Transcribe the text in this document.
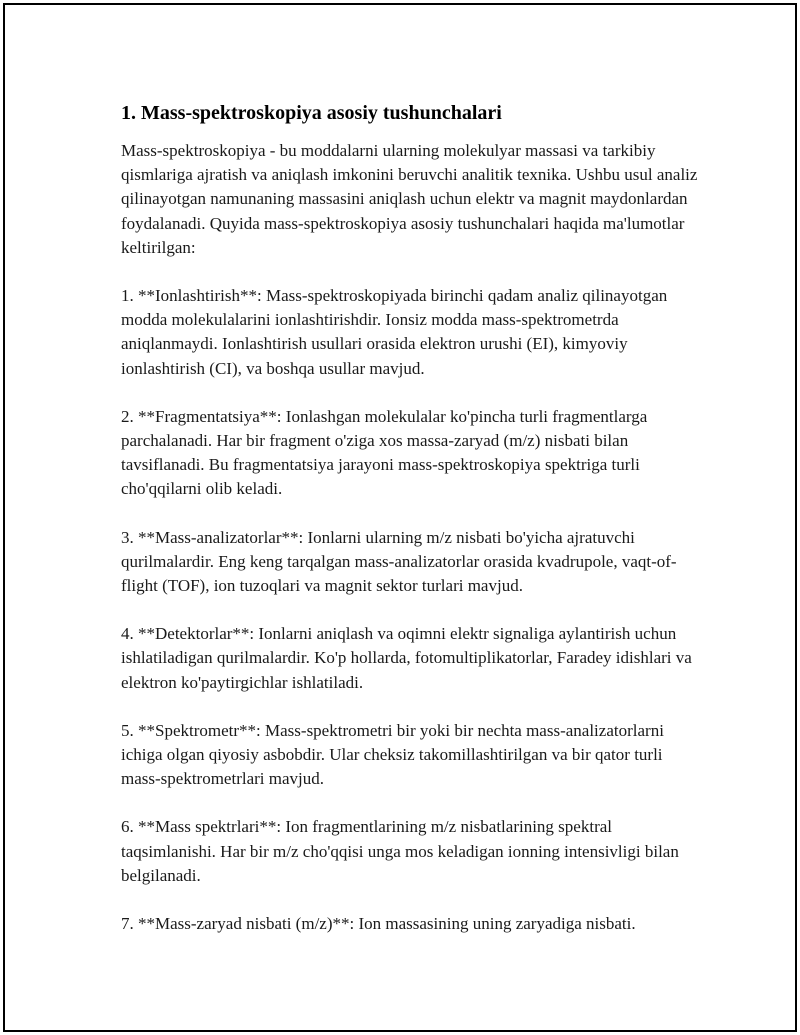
1. Mass-spektroskopiya asosiy tushunchalari

Mass-spektroskopiya - bu moddalarni ularning molekulyar massasi va tarkibiy qismlariga ajratish va aniqlash imkonini beruvchi analitik texnika. Ushbu usul analiz qilinayotgan namunaning massasini aniqlash uchun elektr va magnit maydonlardan foydalanadi. Quyida mass-spektroskopiya asosiy tushunchalari haqida ma'lumotlar keltirilgan:

1. **Ionlashtirish**: Mass-spektroskopiyada birinchi qadam analiz qilinayotgan modda molekulalarini ionlashtirishdir. Ionsiz modda mass-spektrometrda aniqlanmaydi. Ionlashtirish usullari orasida elektron urushi (EI), kimyoviy ionlashtirish (CI), va boshqa usullar mavjud.

2. **Fragmentatsiya**: Ionlashgan molekulalar ko'pincha turli fragmentlarga parchalanadi. Har bir fragment o'ziga xos massa-zaryad (m/z) nisbati bilan tavsiflanadi. Bu fragmentatsiya jarayoni mass-spektroskopiya spektriga turli cho'qqilarni olib keladi.

3. **Mass-analizatorlar**: Ionlarni ularning m/z nisbati bo'yicha ajratuvchi qurilmalardir. Eng keng tarqalgan mass-analizatorlar orasida kvadrupole, vaqt-of-flight (TOF), ion tuzoqlari va magnit sektor turlari mavjud.

4. **Detektorlar**: Ionlarni aniqlash va oqimni elektr signaliga aylantirish uchun ishlatiladigan qurilmalardir. Ko'p hollarda, fotomultiplikatorlar, Faradey idishlari va elektron ko'paytirgichlar ishlatiladi.

5. **Spektrometr**: Mass-spektrometri bir yoki bir nechta mass-analizatorlarni ichiga olgan qiyosiy asbobdir. Ular cheksiz takomillashtirilgan va bir qator turli mass-spektrometrlari mavjud.

6. **Mass spektrlari**: Ion fragmentlarining m/z nisbatlarining spektral taqsimlanishi. Har bir m/z cho'qqisi unga mos keladigan ionning intensivligi bilan belgilanadi.

7. **Mass-zaryad nisbati (m/z)**: Ion massasining uning zaryadiga nisbati.
